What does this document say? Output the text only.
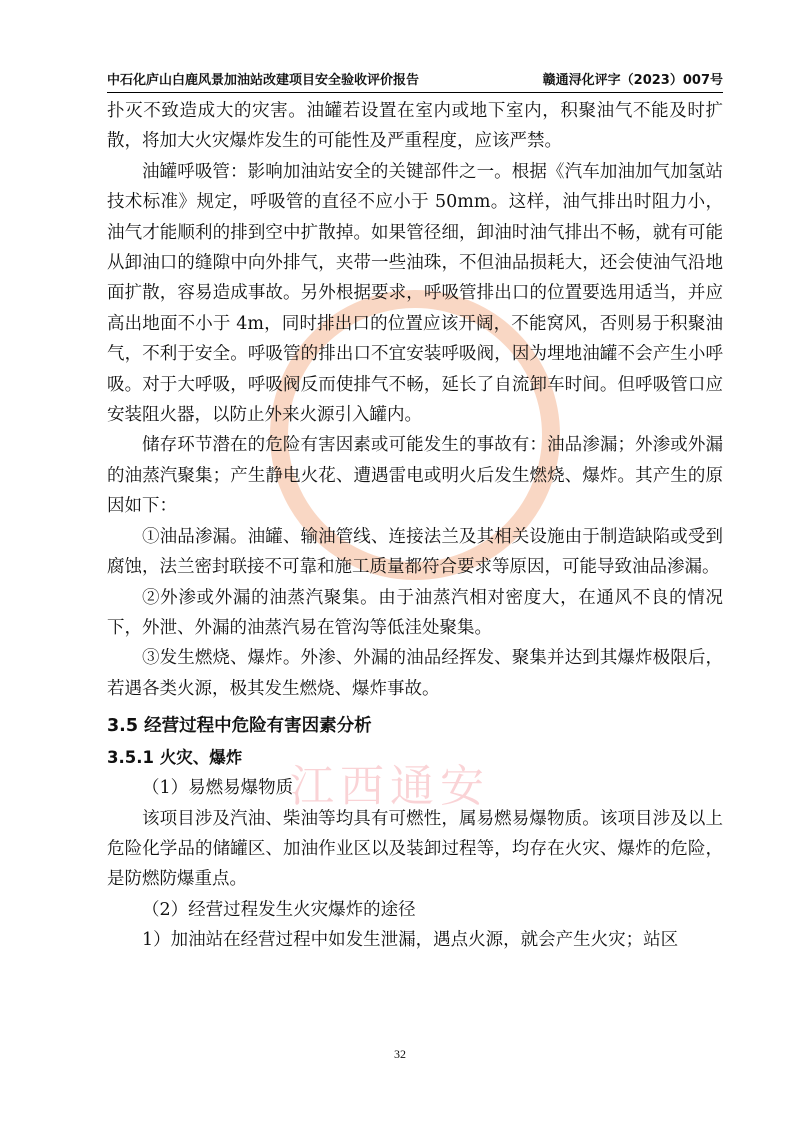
中石化庐山白鹿风景加油站改建项目安全验收评价报告	赣通浔化评字（2023）007号
江西通安

扑灭不致造成大的灾害。油罐若设置在室内或地下室内，积聚油气不能及时扩散，将加大火灾爆炸发生的可能性及严重程度，应该严禁。

油罐呼吸管：影响加油站安全的关键部件之一。根据《汽车加油加气加氢站技术标准》规定，呼吸管的直径不应小于 50mm。这样，油气排出时阻力小，油气才能顺利的排到空中扩散掉。如果管径细，卸油时油气排出不畅，就有可能从卸油口的缝隙中向外排气，夹带一些油珠，不但油品损耗大，还会使油气沿地面扩散，容易造成事故。另外根据要求，呼吸管排出口的位置要选用适当，并应高出地面不小于 4m，同时排出口的位置应该开阔，不能窝风，否则易于积聚油气，不利于安全。呼吸管的排出口不宜安装呼吸阀，因为埋地油罐不会产生小呼吸。对于大呼吸，呼吸阀反而使排气不畅，延长了自流卸车时间。但呼吸管口应安装阻火器，以防止外来火源引入罐内。

储存环节潜在的危险有害因素或可能发生的事故有：油品渗漏；外渗或外漏的油蒸汽聚集；产生静电火花、遭遇雷电或明火后发生燃烧、爆炸。其产生的原因如下：

①油品渗漏。油罐、输油管线、连接法兰及其相关设施由于制造缺陷或受到腐蚀，法兰密封联接不可靠和施工质量都符合要求等原因，可能导致油品渗漏。

②外渗或外漏的油蒸汽聚集。由于油蒸汽相对密度大，在通风不良的情况下，外泄、外漏的油蒸汽易在管沟等低洼处聚集。

③发生燃烧、爆炸。外渗、外漏的油品经挥发、聚集并达到其爆炸极限后，若遇各类火源，极其发生燃烧、爆炸事故。

3.5 经营过程中危险有害因素分析
3.5.1 火灾、爆炸

（1）易燃易爆物质

该项目涉及汽油、柴油等均具有可燃性，属易燃易爆物质。该项目涉及以上危险化学品的储罐区、加油作业区以及装卸过程等，均存在火灾、爆炸的危险，是防燃防爆重点。

（2）经营过程发生火灾爆炸的途径

1）加油站在经营过程中如发生泄漏，遇点火源，就会产生火灾；站区

32
